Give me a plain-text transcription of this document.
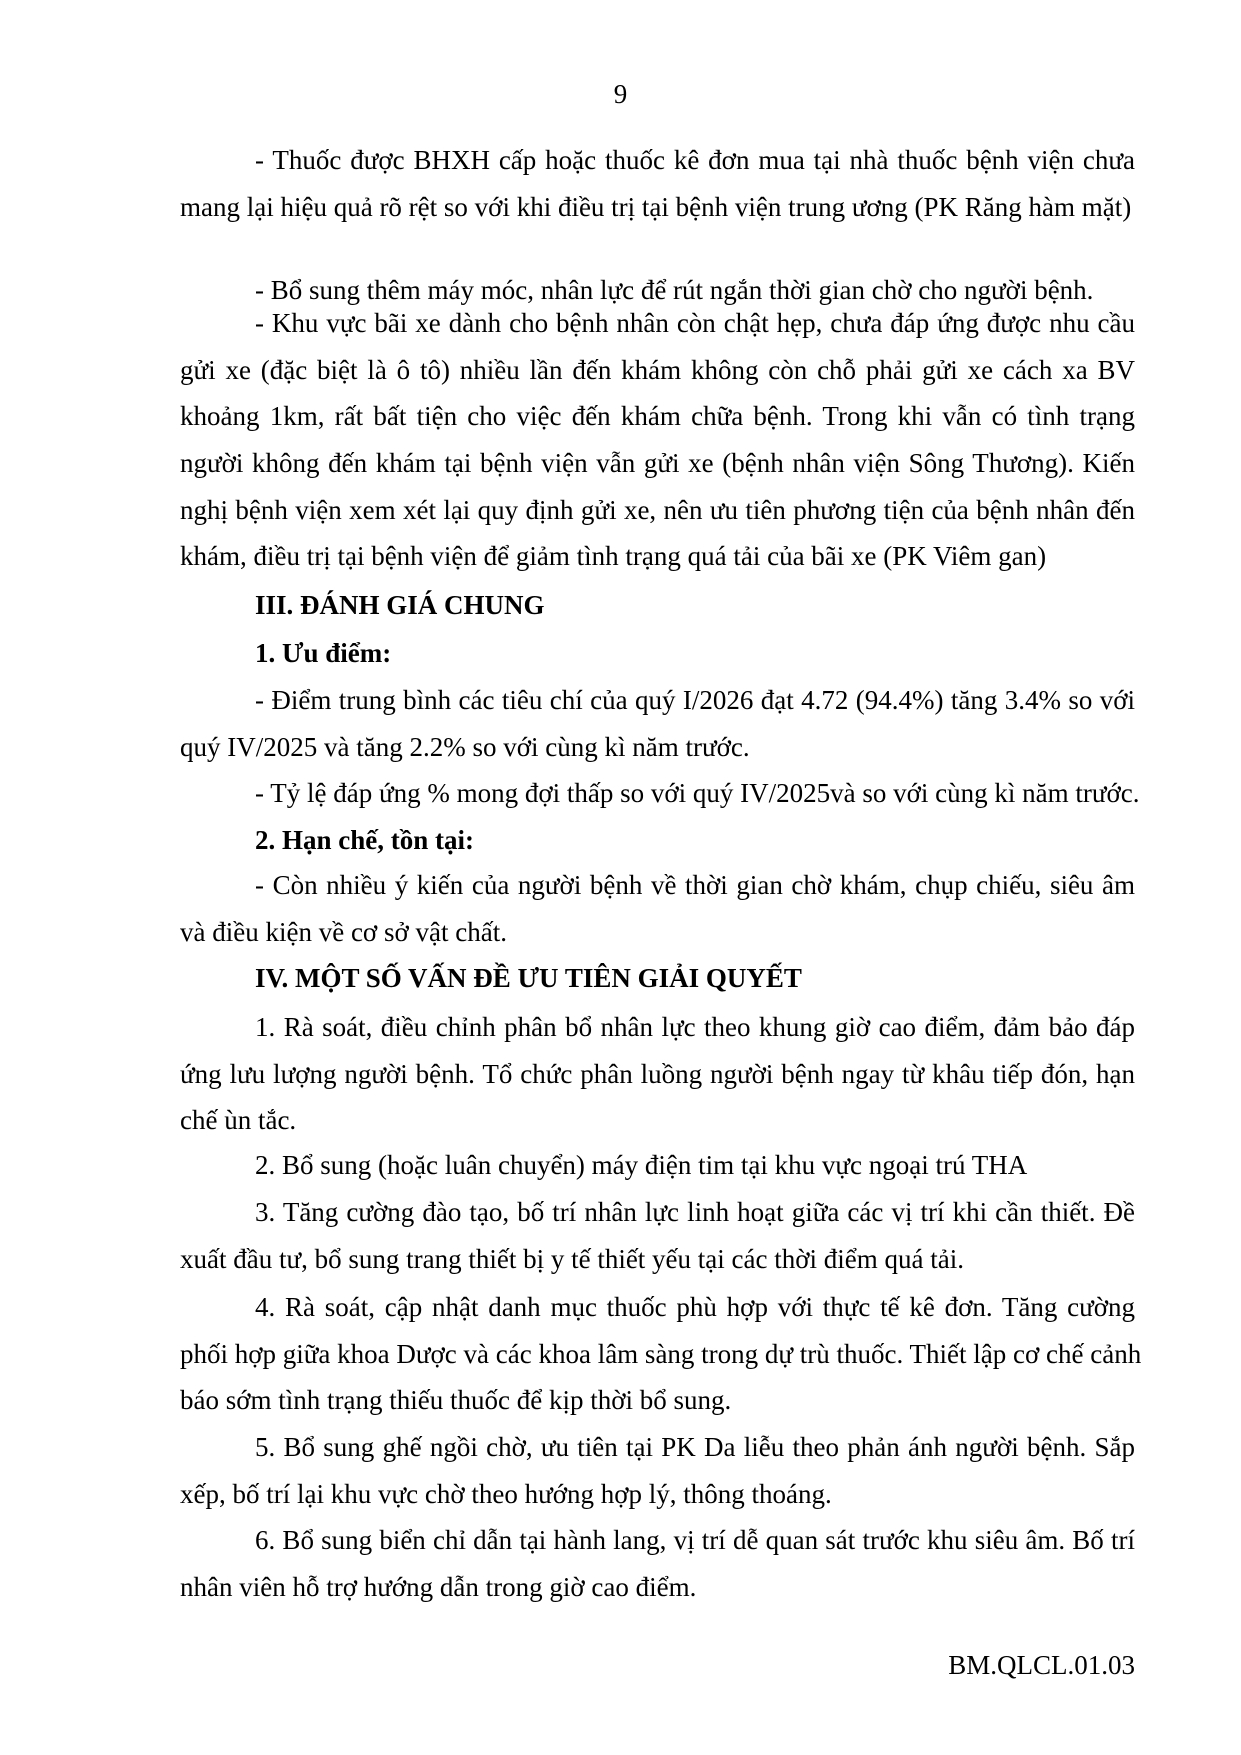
9
- Thuốc được BHXH cấp hoặc thuốc kê đơn mua tại nhà thuốc bệnh viện chưa
mang lại hiệu quả rõ rệt so với khi điều trị tại bệnh viện trung ương (PK Răng hàm mặt)
- Bổ sung thêm máy móc, nhân lực để rút ngắn thời gian chờ cho người bệnh.
- Khu vực bãi xe dành cho bệnh nhân còn chật hẹp, chưa đáp ứng được nhu cầu
gửi xe (đặc biệt là ô tô) nhiều lần đến khám không còn chỗ phải gửi xe cách xa BV
khoảng 1km, rất bất tiện cho việc đến khám chữa bệnh. Trong khi vẫn có tình trạng
người không đến khám tại bệnh viện vẫn gửi xe (bệnh nhân viện Sông Thương). Kiến
nghị bệnh viện xem xét lại quy định gửi xe, nên ưu tiên phương tiện của bệnh nhân đến
khám, điều trị tại bệnh viện để giảm tình trạng quá tải của bãi xe (PK Viêm gan)
III. ĐÁNH GIÁ CHUNG
1. Ưu điểm:
- Điểm trung bình các tiêu chí của quý I/2026 đạt 4.72 (94.4%) tăng 3.4% so với
quý IV/2025 và tăng 2.2% so với cùng kì năm trước.
- Tỷ lệ đáp ứng % mong đợi thấp so với quý IV/2025và so với cùng kì năm trước.
2. Hạn chế, tồn tại:
- Còn nhiều ý kiến của người bệnh về thời gian chờ khám, chụp chiếu, siêu âm
và điều kiện về cơ sở vật chất.
IV. MỘT SỐ VẤN ĐỀ ƯU TIÊN GIẢI QUYẾT
1. Rà soát, điều chỉnh phân bổ nhân lực theo khung giờ cao điểm, đảm bảo đáp
ứng lưu lượng người bệnh. Tổ chức phân luồng người bệnh ngay từ khâu tiếp đón, hạn
chế ùn tắc.
2. Bổ sung (hoặc luân chuyển) máy điện tim tại khu vực ngoại trú THA
3. Tăng cường đào tạo, bố trí nhân lực linh hoạt giữa các vị trí khi cần thiết. Đề
xuất đầu tư, bổ sung trang thiết bị y tế thiết yếu tại các thời điểm quá tải.
4. Rà soát, cập nhật danh mục thuốc phù hợp với thực tế kê đơn. Tăng cường
phối hợp giữa khoa Dược và các khoa lâm sàng trong dự trù thuốc. Thiết lập cơ chế cảnh
báo sớm tình trạng thiếu thuốc để kịp thời bổ sung.
5. Bổ sung ghế ngồi chờ, ưu tiên tại PK Da liễu theo phản ánh người bệnh. Sắp
xếp, bố trí lại khu vực chờ theo hướng hợp lý, thông thoáng.
6. Bổ sung biển chỉ dẫn tại hành lang, vị trí dễ quan sát trước khu siêu âm. Bố trí
nhân viên hỗ trợ hướng dẫn trong giờ cao điểm.
BM.QLCL.01.03
